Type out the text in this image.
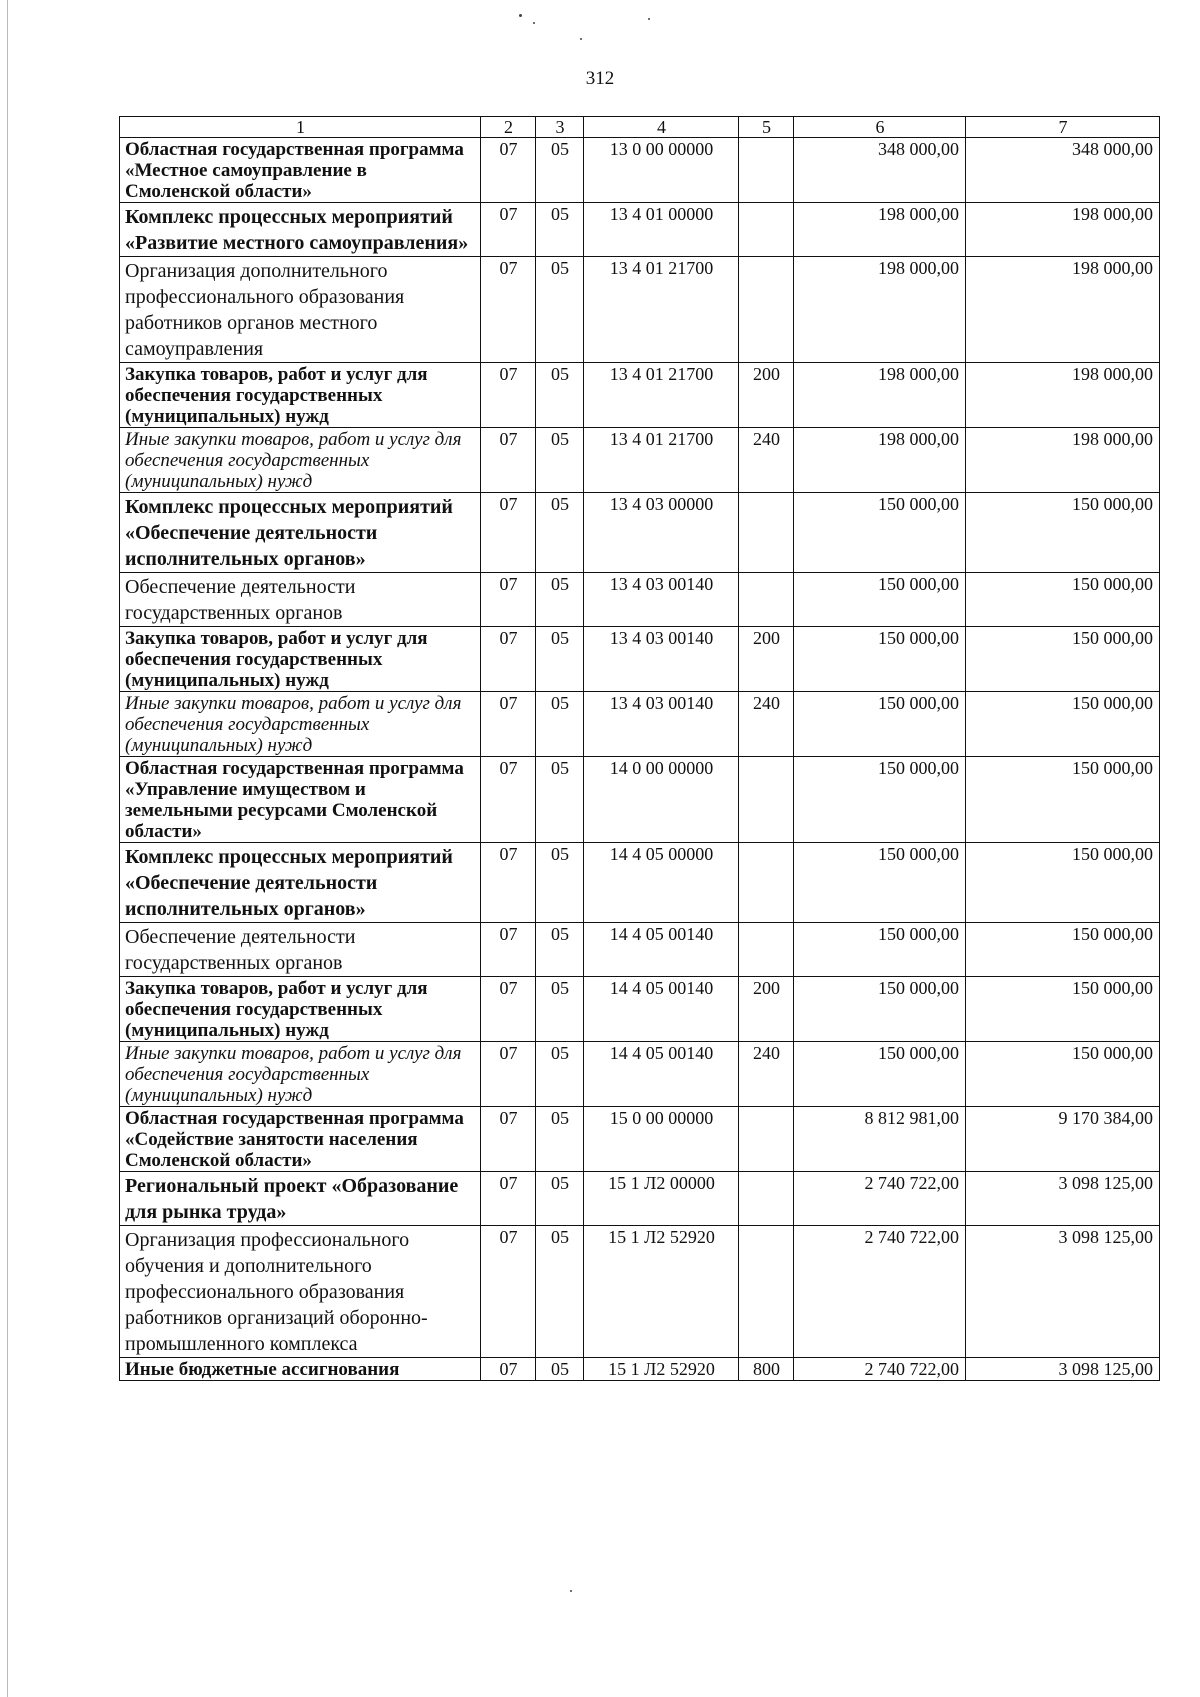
312
1	2	3	4	5	6	7
Областная государственная программа «Местное самоуправление в Смоленской области»	07	05	13 0 00 00000		348 000,00	348 000,00
Комплекс процессных мероприятий «Развитие местного самоуправления»	07	05	13 4 01 00000		198 000,00	198 000,00
Организация дополнительного профессионального образования работников органов местного самоуправления	07	05	13 4 01 21700		198 000,00	198 000,00
Закупка товаров, работ и услуг для обеспечения государственных (муниципальных) нужд	07	05	13 4 01 21700	200	198 000,00	198 000,00
Иные закупки товаров, работ и услуг для обеспечения государственных (муниципальных) нужд	07	05	13 4 01 21700	240	198 000,00	198 000,00
Комплекс процессных мероприятий «Обеспечение деятельности исполнительных органов»	07	05	13 4 03 00000		150 000,00	150 000,00
Обеспечение деятельности государственных органов	07	05	13 4 03 00140		150 000,00	150 000,00
Закупка товаров, работ и услуг для обеспечения государственных (муниципальных) нужд	07	05	13 4 03 00140	200	150 000,00	150 000,00
Иные закупки товаров, работ и услуг для обеспечения государственных (муниципальных) нужд	07	05	13 4 03 00140	240	150 000,00	150 000,00
Областная государственная программа «Управление имуществом и земельными ресурсами Смоленской области»	07	05	14 0 00 00000		150 000,00	150 000,00
Комплекс процессных мероприятий «Обеспечение деятельности исполнительных органов»	07	05	14 4 05 00000		150 000,00	150 000,00
Обеспечение деятельности государственных органов	07	05	14 4 05 00140		150 000,00	150 000,00
Закупка товаров, работ и услуг для обеспечения государственных (муниципальных) нужд	07	05	14 4 05 00140	200	150 000,00	150 000,00
Иные закупки товаров, работ и услуг для обеспечения государственных (муниципальных) нужд	07	05	14 4 05 00140	240	150 000,00	150 000,00
Областная государственная программа «Содействие занятости населения Смоленской области»	07	05	15 0 00 00000		8 812 981,00	9 170 384,00
Региональный проект «Образование для рынка труда»	07	05	15 1 Л2 00000		2 740 722,00	3 098 125,00
Организация профессионального обучения и дополнительного профессионального образования работников организаций оборонно-промышленного комплекса	07	05	15 1 Л2 52920		2 740 722,00	3 098 125,00
Иные бюджетные ассигнования	07	05	15 1 Л2 52920	800	2 740 722,00	3 098 125,00
